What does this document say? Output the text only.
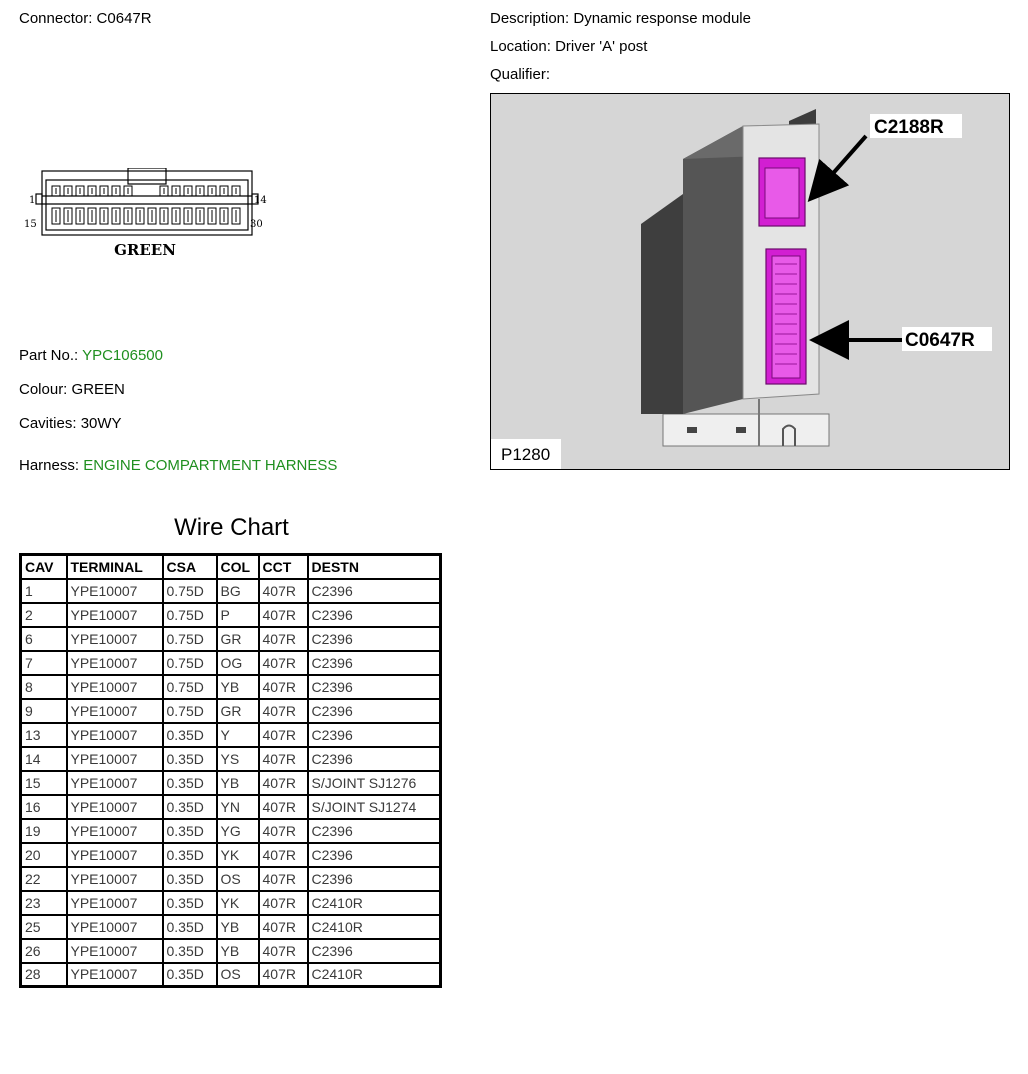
Connector: C0647R	Description: Dynamic response module
Location: Driver 'A' post
Qualifier:
1	14
15	30
GREEN
Part No.: YPC106500
Colour: GREEN
Cavities: 30WY
Harness: ENGINE COMPARTMENT HARNESS
C2188R
C0647R
P1280
Wire Chart
CAV	TERMINAL	CSA	COL	CCT	DESTN
1	YPE10007	0.75D	BG	407R	C2396
2	YPE10007	0.75D	P	407R	C2396
6	YPE10007	0.75D	GR	407R	C2396
7	YPE10007	0.75D	OG	407R	C2396
8	YPE10007	0.75D	YB	407R	C2396
9	YPE10007	0.75D	GR	407R	C2396
13	YPE10007	0.35D	Y	407R	C2396
14	YPE10007	0.35D	YS	407R	C2396
15	YPE10007	0.35D	YB	407R	S/JOINT SJ1276
16	YPE10007	0.35D	YN	407R	S/JOINT SJ1274
19	YPE10007	0.35D	YG	407R	C2396
20	YPE10007	0.35D	YK	407R	C2396
22	YPE10007	0.35D	OS	407R	C2396
23	YPE10007	0.35D	YK	407R	C2410R
25	YPE10007	0.35D	YB	407R	C2410R
26	YPE10007	0.35D	YB	407R	C2396
28	YPE10007	0.35D	OS	407R	C2410R
